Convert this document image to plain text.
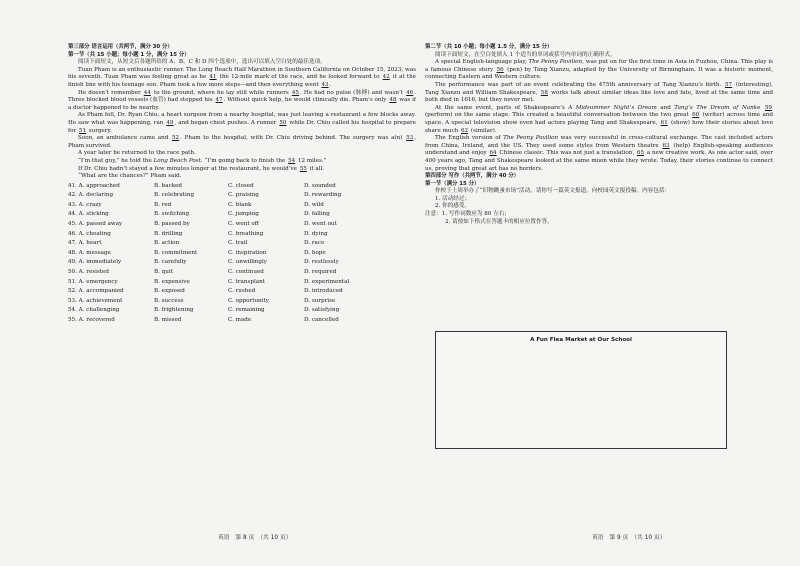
第三部分 语言运用（共两节，满分 30 分）
第一节（共 15 小题；每小题 1 分，满分 15 分）
阅读下面短文，从短文后各题所给的 A、B、C 和 D 四个选项中，选出可以填入空白处的最佳选项。
Tuan Pham is an enthusiastic runner. The Long Beach Half Marathon in Southern California on October 15, 2023, was his seventh. Tuan Pham was feeling great as he 41 the 12-mile mark of the race, and he looked forward to 42 it at the finish line with his teenage son. Pham took a few more steps—and then everything went 43.
He doesn’t remember 44 to the ground, where he lay still while runners 45. He had no pulse (脉搏) and wasn’t 46. Three blocked blood vessels (血管) had stopped his 47. Without quick help, he would clinically die. Pham’s only 48 was if a doctor happened to be nearby.
As Pham fell, Dr. Ryan Chiu, a heart surgeon from a nearby hospital, was just leaving a restaurant a few blocks away. He saw what was happening, ran 49, and began chest pushes. A runner 50 while Dr. Chiu called his hospital to prepare for 51 surgery.
Soon, an ambulance came and 52. Pham to the hospital, with Dr. Chiu driving behind. The surgery was a(n) 53. Pham survived.
A year later he returned to the race path.
“I’m that guy,” he told the Long Beach Post. “I’m going back to finish the 54 12 miles.”
If Dr. Chiu hadn’t stayed a few minutes longer at the restaurant, he would’ve 55 it all.
“What are the chances?” Pham said.
41. A. approached	B. backed	C. closed	D. sounded
42. A. declaring	B. celebrating	C. praising	D. rewarding
43. A. crazy	B. red	C. blank	D. wild
44. A. sticking	B. switching	C. jumping	D. falling
45. A. passed away	B. passed by	C. went off	D. went out
46. A. cheating	B. drilling	C. breathing	D. dying
47. A. heart	B. action	C. trail	D. race
48. A. message	B. commitment	C. inspiration	D. hope
49. A. immediately	B. carefully	C. unwillingly	D. restlessly
50. A. resisted	B. quit	C. continued	D. required
51. A. emergency	B. expensive	C. transplant	D. experimental
52. A. accompanied	B. exposed	C. rushed	D. introduced
53. A. achievement	B. success	C. opportunity	D. surprise
54. A. challenging	B. frightening	C. remaining	D. satisfying
55. A. recovered	B. missed	C. made	D. cancelled
英语　第 8 页　（共 10 页）
第二节（共 10 小题；每小题 1.5 分，满分 15 分）
阅读下面短文，在空白处填入 1 个适当的单词或括号内单词的正确形式。
A special English-language play, The Peony Pavilion, was put on for the first time in Asia in Fuzhou, China. This play is a famous Chinese story 56 (pen) by Tang Xianzu, adapted by the University of Birmingham. It was a historic moment, connecting Eastern and Western culture.
The performance was part of an event celebrating the 475th anniversary of Tang Xianzu’s birth. 57 (interesting), Tang Xianzu and William Shakespeare, 58 works talk about similar ideas like love and fate, lived at the same time and both died in 1616, but they never met.
At the same event, parts of Shakespeare’s A Midsummer Night’s Dream and Tang’s The Dream of Nanke 59 (perform) on the same stage. This created a beautiful conversation between the two great 60 (writer) across time and space. A special television show even had actors playing Tang and Shakespeare, 61 (show) how their stories about love share much 62 (similar).
The English version of The Peony Pavilion was very successful in cross-cultural exchange. The cast included actors from China, Ireland, and the US. They used some styles from Western theatre 63 (help) English-speaking audiences understand and enjoy 64 Chinese classic. This was not just a translation, 65 a new creative work. As one actor said, over 400 years ago, Tang and Shakespeare looked at the same moon while they wrote. Today, their stories continue to connect us, proving that great art has no borders.
第四部分 写作（共两节，满分 40 分）
第一节（满分 15 分）
你校于上周举办了“旧物跳蚤市场”活动。请你写一篇英文报道，向校园英文报投稿。内容包括：
1. 活动经过；
2. 你的感受。
注意：1. 写作词数应为 80 左右；
2. 请按如下格式在答题卡的相应位置作答。
A Fun Flea Market at Our School
英语　第 9 页　（共 10 页）
